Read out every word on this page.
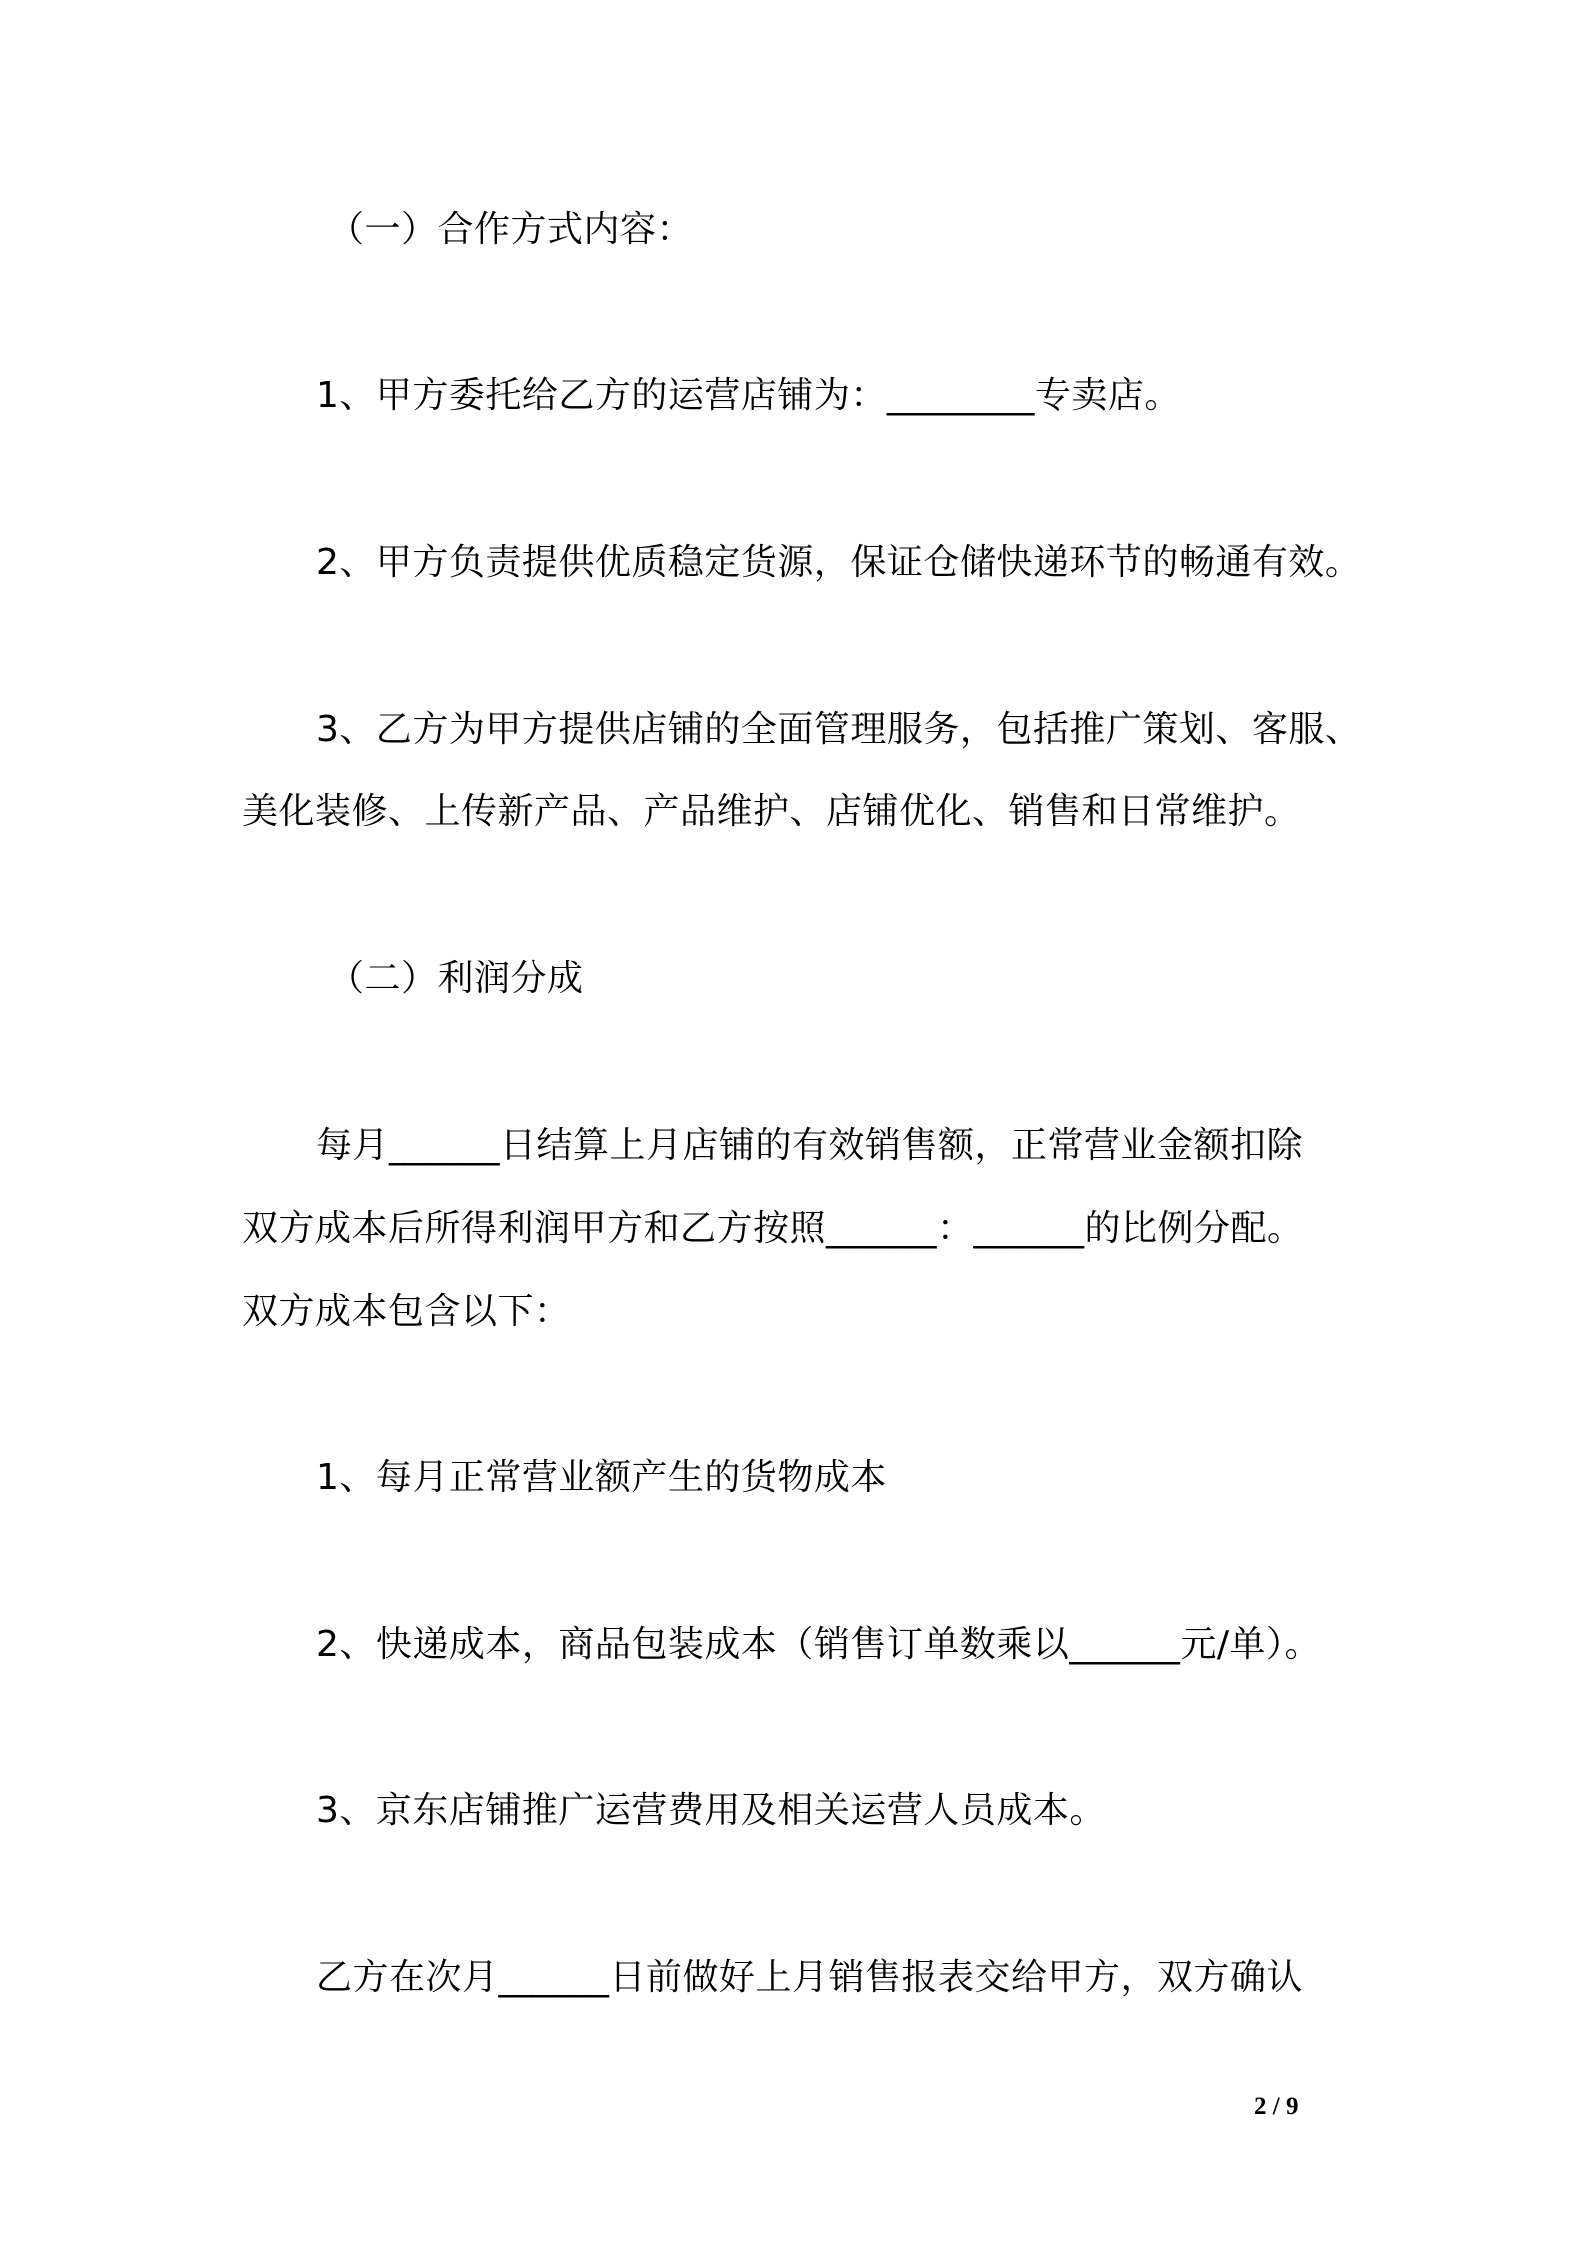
（一）合作方式内容：
1、甲方委托给乙方的运营店铺为：________专卖店。
2、甲方负责提供优质稳定货源，保证仓储快递环节的畅通有效。
3、乙方为甲方提供店铺的全面管理服务，包括推广策划、客服、
美化装修、上传新产品、产品维护、店铺优化、销售和日常维护。
（二）利润分成
每月______日结算上月店铺的有效销售额，正常营业金额扣除
双方成本后所得利润甲方和乙方按照______：______的比例分配。
双方成本包含以下：
1、每月正常营业额产生的货物成本
2、快递成本，商品包装成本（销售订单数乘以______元/单）。
3、京东店铺推广运营费用及相关运营人员成本。
乙方在次月______日前做好上月销售报表交给甲方，双方确认
2 / 9
